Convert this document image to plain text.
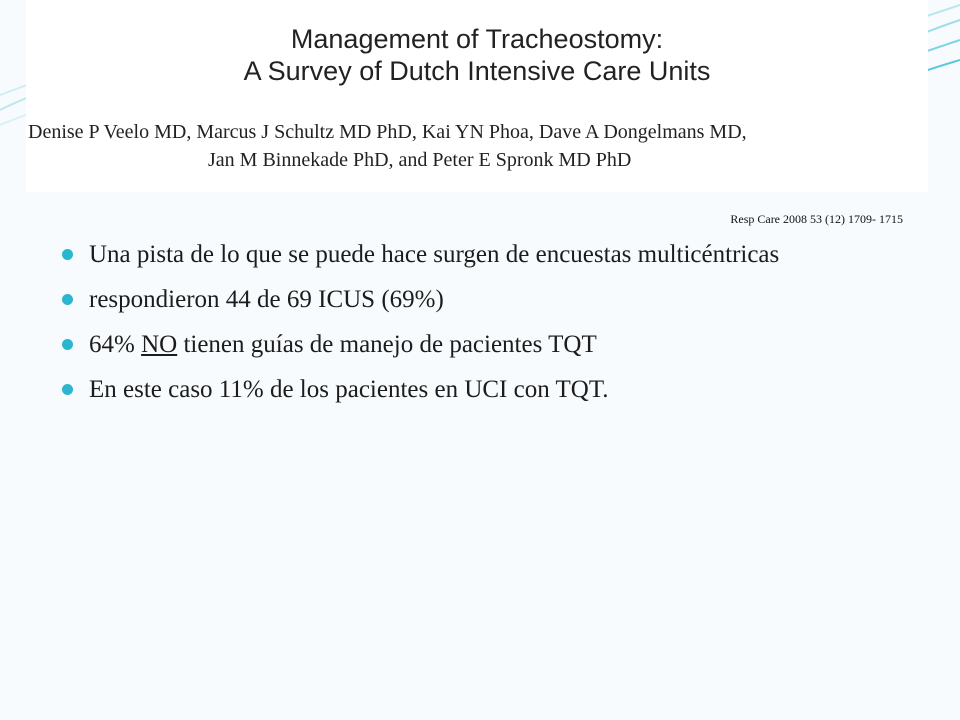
Management of Tracheostomy:
A Survey of Dutch Intensive Care Units
Denise P Veelo MD, Marcus J Schultz MD PhD, Kai YN Phoa, Dave A Dongelmans MD,
Jan M Binnekade PhD, and Peter E Spronk MD PhD
Resp Care 2008 53 (12) 1709- 1715
Una pista de lo que se puede hace surgen de encuestas multicéntricas
respondieron 44 de 69 ICUS (69%)
64% NO tienen guías de manejo de pacientes TQT
En este caso 11% de los pacientes en UCI con TQT.
